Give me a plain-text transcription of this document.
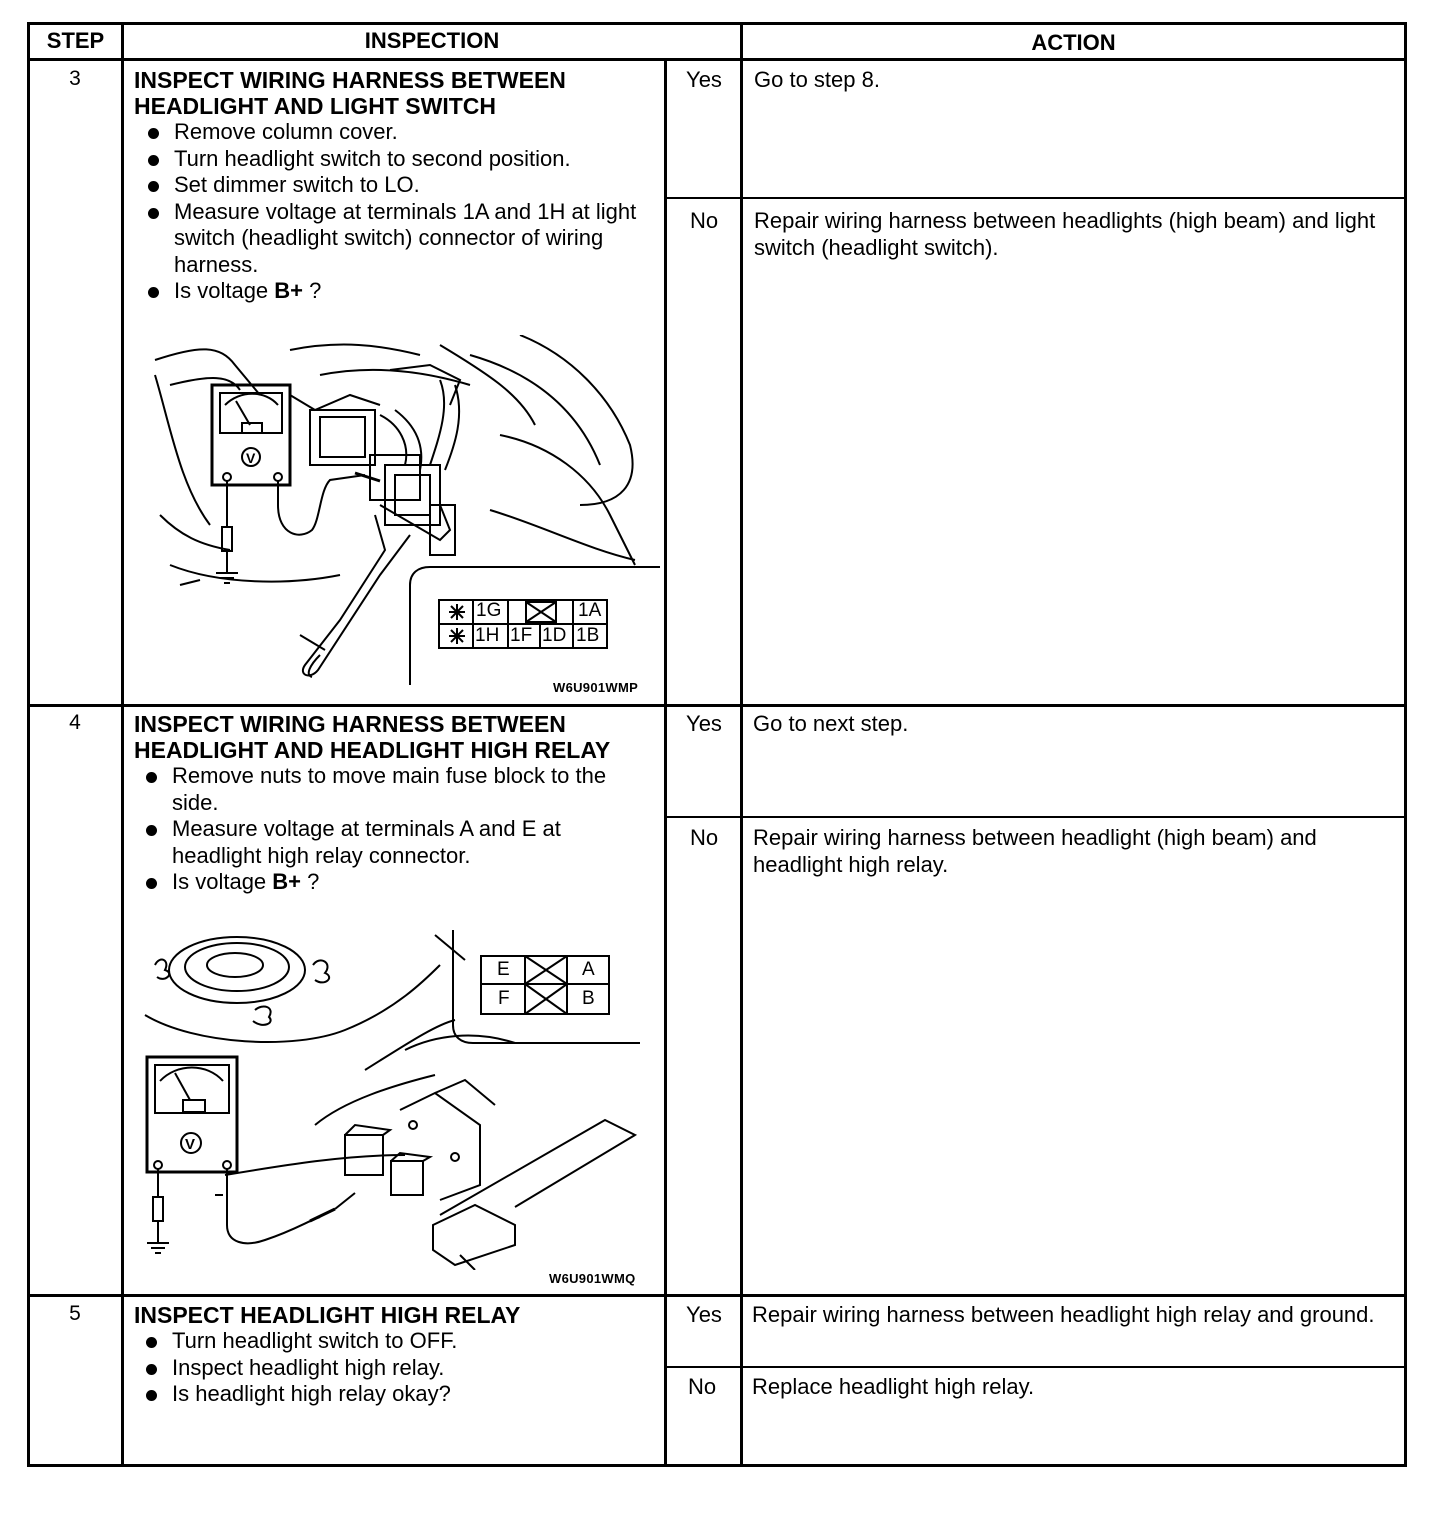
STEP	INSPECTION	ACTION
3	INSPECT WIRING HARNESS BETWEEN
HEADLIGHT AND LIGHT SWITCH
Remove column cover.
Turn headlight switch to second position.
Set dimmer switch to LO.
Measure voltage at terminals 1A and 1H at light switch (headlight switch) connector of wiring harness.
Is voltage B+ ?
V
1G	1A
1H 1F 1D 1B
W6U901WMP
Yes	Go to step 8.
No	Repair wiring harness between headlights (high beam) and light switch (headlight switch).
4	INSPECT WIRING HARNESS BETWEEN
HEADLIGHT AND HEADLIGHT HIGH RELAY
Remove nuts to move main fuse block to the side.
Measure voltage at terminals A and E at headlight high relay connector.
Is voltage B+ ?
V
E	A
F	B
W6U901WMQ
Yes	Go to next step.
No	Repair wiring harness between headlight (high beam) and headlight high relay.
5	INSPECT HEADLIGHT HIGH RELAY
Turn headlight switch to OFF.
Inspect headlight high relay.
Is headlight high relay okay?
Yes	Repair wiring harness between headlight high relay and ground.
No	Replace headlight high relay.
